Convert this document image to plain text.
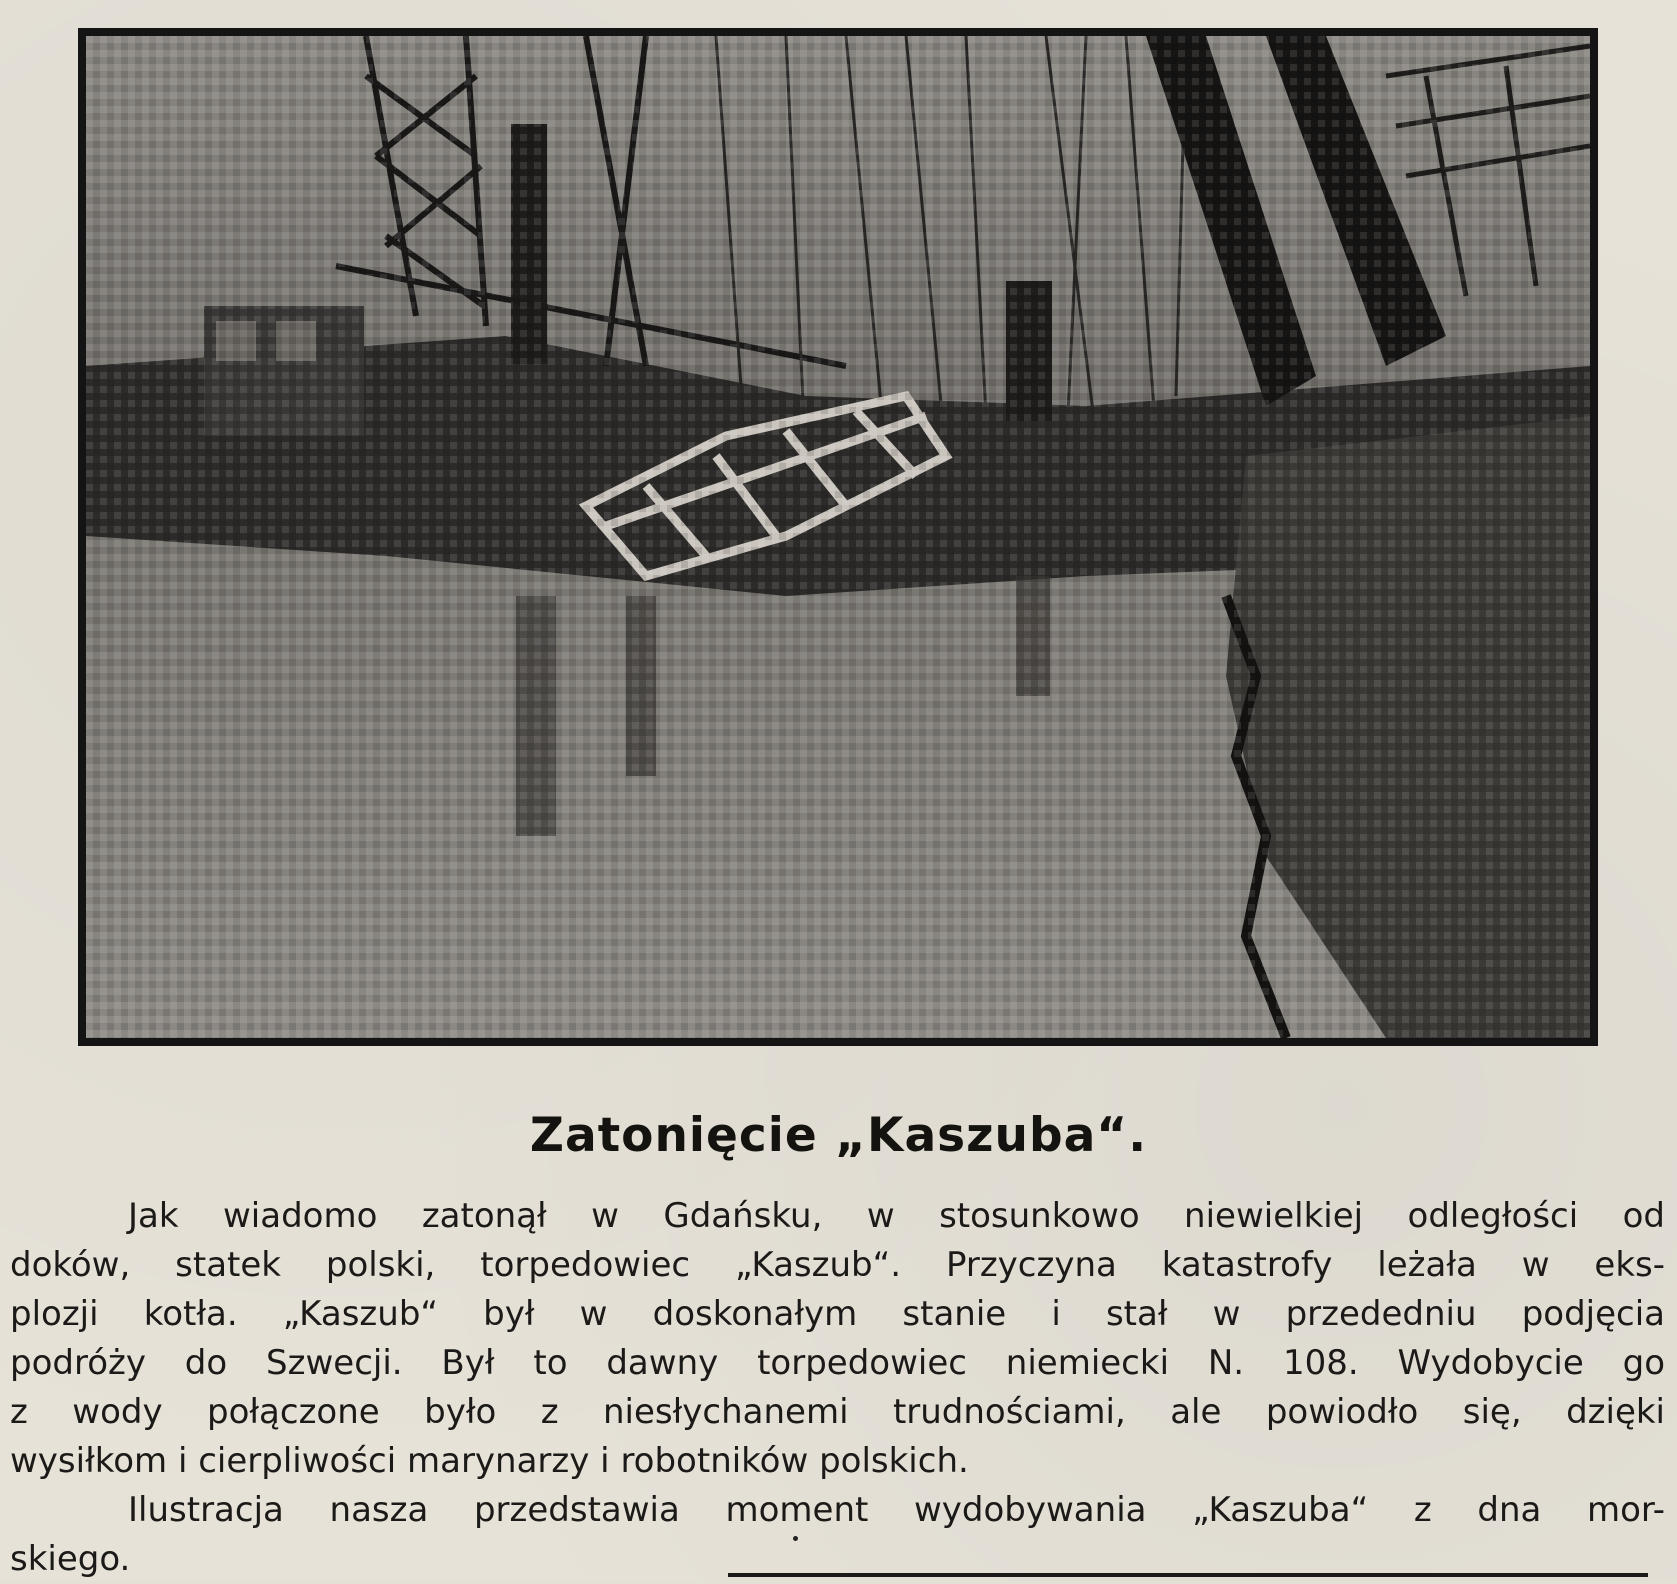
Zatonięcie „Kaszuba“.
Jak wiadomo zatonął w Gdańsku, w stosunkowo niewielkiej odległości od
doków, statek polski, torpedowiec „Kaszub“. Przyczyna katastrofy leżała w eks-
plozji kotła. „Kaszub“ był w doskonałym stanie i stał w przededniu podjęcia
podróży do Szwecji. Był to dawny torpedowiec niemiecki N. 108. Wydobycie go
z wody połączone było z niesłychanemi trudnościami, ale powiodło się, dzięki
wysiłkom i cierpliwości marynarzy i robotników polskich.
Ilustracja nasza przedstawia moment wydobywania „Kaszuba“ z dna mor-
skiego.
